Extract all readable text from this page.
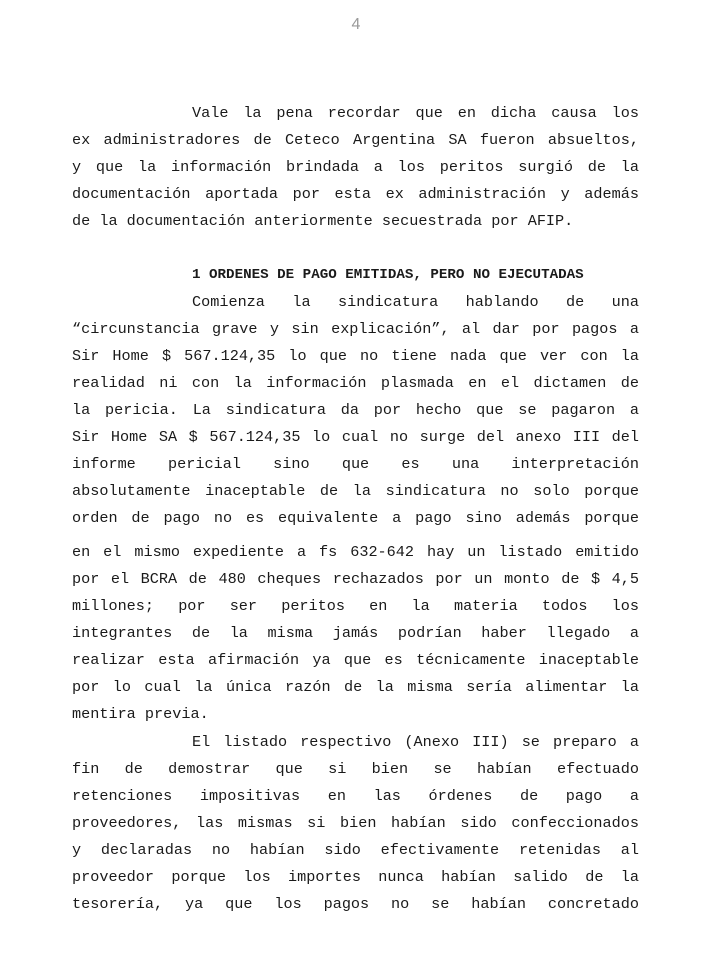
4
Vale la pena recordar que en dicha causa los
ex administradores de Ceteco Argentina SA fueron absueltos,
y que la información brindada a los peritos surgió de la
documentación aportada por esta ex administración y además
de la documentación anteriormente secuestrada por AFIP.
1 ORDENES DE PAGO EMITIDAS, PERO NO EJECUTADAS
Comienza la sindicatura hablando de una
“circunstancia grave y sin explicación”, al dar por pagos a
Sir Home $ 567.124,35 lo que no tiene nada que ver con la
realidad ni con la información plasmada en el dictamen de
la pericia. La sindicatura da por hecho que se pagaron a
Sir Home SA $ 567.124,35 lo cual no surge del anexo III del
informe pericial sino que es una interpretación
absolutamente inaceptable de la sindicatura no solo porque
orden de pago no es equivalente a pago sino además porque
en el mismo expediente a fs 632-642 hay un listado emitido
por el BCRA de 480 cheques rechazados por un monto de $ 4,5
millones; por ser peritos en la materia todos los
integrantes de la misma jamás podrían haber llegado a
realizar esta afirmación ya que es técnicamente inaceptable
por lo cual la única razón de la misma sería alimentar la
mentira previa.
El listado respectivo (Anexo III) se preparo a
fin de demostrar que si bien se habían efectuado
retenciones impositivas en las órdenes de pago a
proveedores, las mismas si bien habían sido confeccionados
y declaradas no habían sido efectivamente retenidas al
proveedor porque los importes nunca habían salido de la
tesorería, ya que los pagos no se habían concretado
